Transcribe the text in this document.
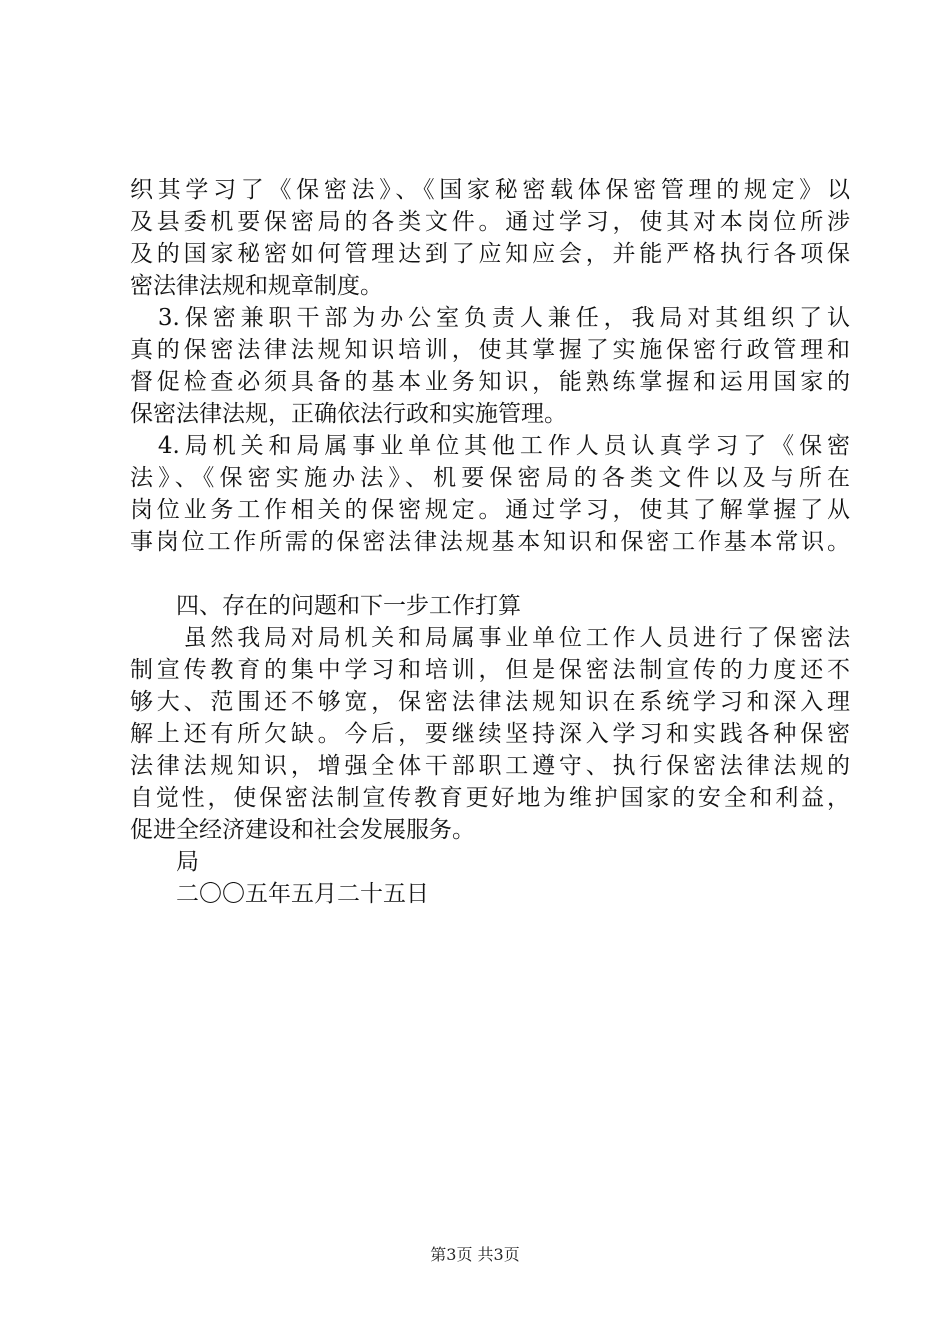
织其学习了《保密法》、《国家秘密载体保密管理的规定》以
及县委机要保密局的各类文件。通过学习，使其对本岗位所涉
及的国家秘密如何管理达到了应知应会，并能严格执行各项保
密法律法规和规章制度。
　3.保密兼职干部为办公室负责人兼任，我局对其组织了认
真的保密法律法规知识培训，使其掌握了实施保密行政管理和
督促检查必须具备的基本业务知识，能熟练掌握和运用国家的
保密法律法规，正确依法行政和实施管理。
　4.局机关和局属事业单位其他工作人员认真学习了《保密
法》、《保密实施办法》、机要保密局的各类文件以及与所在
岗位业务工作相关的保密规定。通过学习，使其了解掌握了从
事岗位工作所需的保密法律法规基本知识和保密工作基本常识。
　　四、存在的问题和下一步工作打算
　　虽然我局对局机关和局属事业单位工作人员进行了保密法
制宣传教育的集中学习和培训，但是保密法制宣传的力度还不
够大、范围还不够宽，保密法律法规知识在系统学习和深入理
解上还有所欠缺。今后，要继续坚持深入学习和实践各种保密
法律法规知识，增强全体干部职工遵守、执行保密法律法规的
自觉性，使保密法制宣传教育更好地为维护国家的安全和利益，
促进全经济建设和社会发展服务。
　　局
　　二〇〇五年五月二十五日
第3页 共3页
